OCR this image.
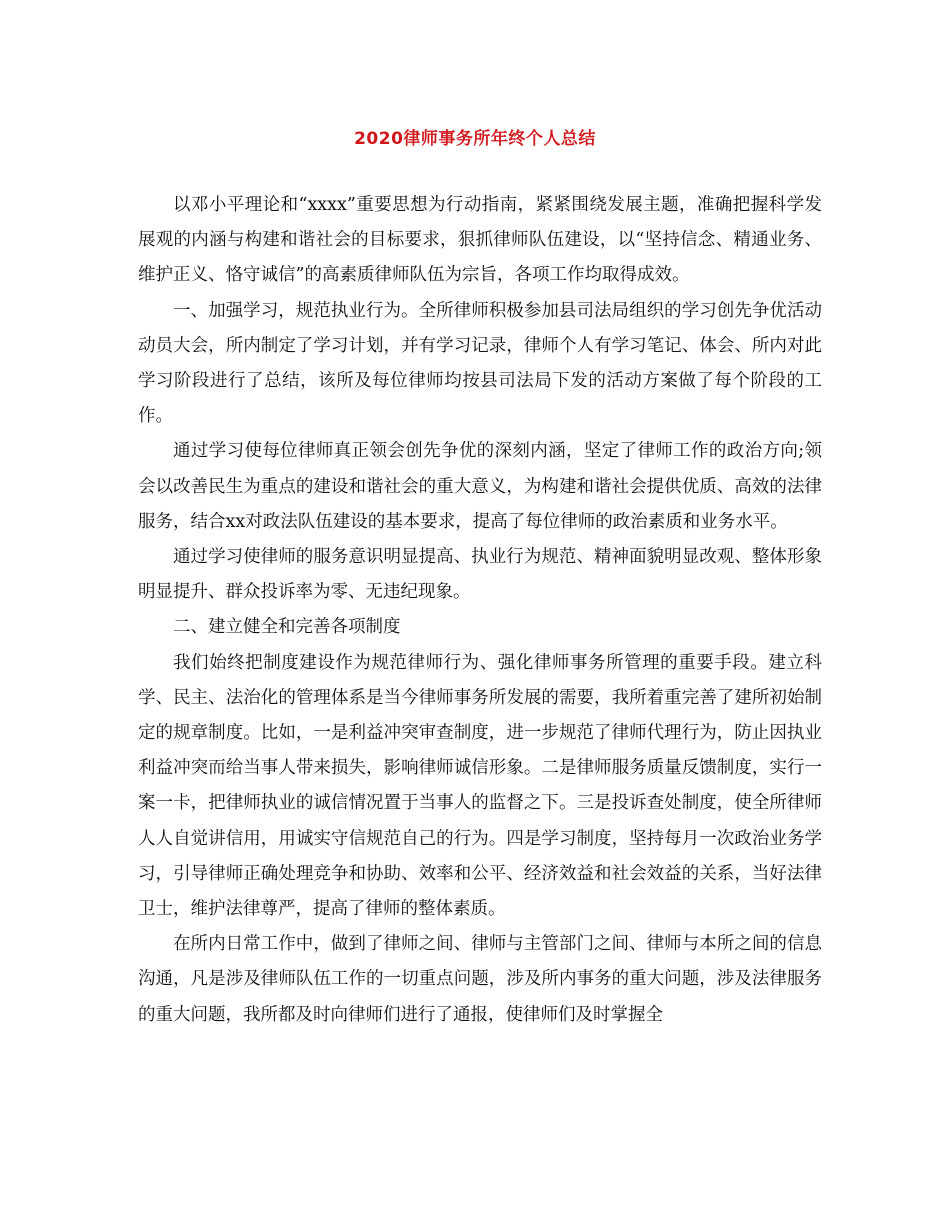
2020律师事务所年终个人总结

以邓小平理论和“xxxx”重要思想为行动指南，紧紧围绕发展主题，准确把握科学发展观的内涵与构建和谐社会的目标要求，狠抓律师队伍建设，以“坚持信念、精通业务、维护正义、恪守诚信”的高素质律师队伍为宗旨，各项工作均取得成效。

一、加强学习，规范执业行为。全所律师积极参加县司法局组织的学习创先争优活动动员大会，所内制定了学习计划，并有学习记录，律师个人有学习笔记、体会、所内对此学习阶段进行了总结，该所及每位律师均按县司法局下发的活动方案做了每个阶段的工作。

通过学习使每位律师真正领会创先争优的深刻内涵，坚定了律师工作的政治方向;领会以改善民生为重点的建设和谐社会的重大意义，为构建和谐社会提供优质、高效的法律服务，结合xx对政法队伍建设的基本要求，提高了每位律师的政治素质和业务水平。

通过学习使律师的服务意识明显提高、执业行为规范、精神面貌明显改观、整体形象明显提升、群众投诉率为零、无违纪现象。

二、建立健全和完善各项制度

我们始终把制度建设作为规范律师行为、强化律师事务所管理的重要手段。建立科学、民主、法治化的管理体系是当今律师事务所发展的需要，我所着重完善了建所初始制定的规章制度。比如，一是利益冲突审查制度，进一步规范了律师代理行为，防止因执业利益冲突而给当事人带来损失，影响律师诚信形象。二是律师服务质量反馈制度，实行一案一卡，把律师执业的诚信情况置于当事人的监督之下。三是投诉查处制度，使全所律师人人自觉讲信用，用诚实守信规范自己的行为。四是学习制度，坚持每月一次政治业务学习，引导律师正确处理竞争和协助、效率和公平、经济效益和社会效益的关系，当好法律卫士，维护法律尊严，提高了律师的整体素质。

在所内日常工作中，做到了律师之间、律师与主管部门之间、律师与本所之间的信息沟通，凡是涉及律师队伍工作的一切重点问题，涉及所内事务的重大问题，涉及法律服务的重大问题，我所都及时向律师们进行了通报，使律师们及时掌握全
